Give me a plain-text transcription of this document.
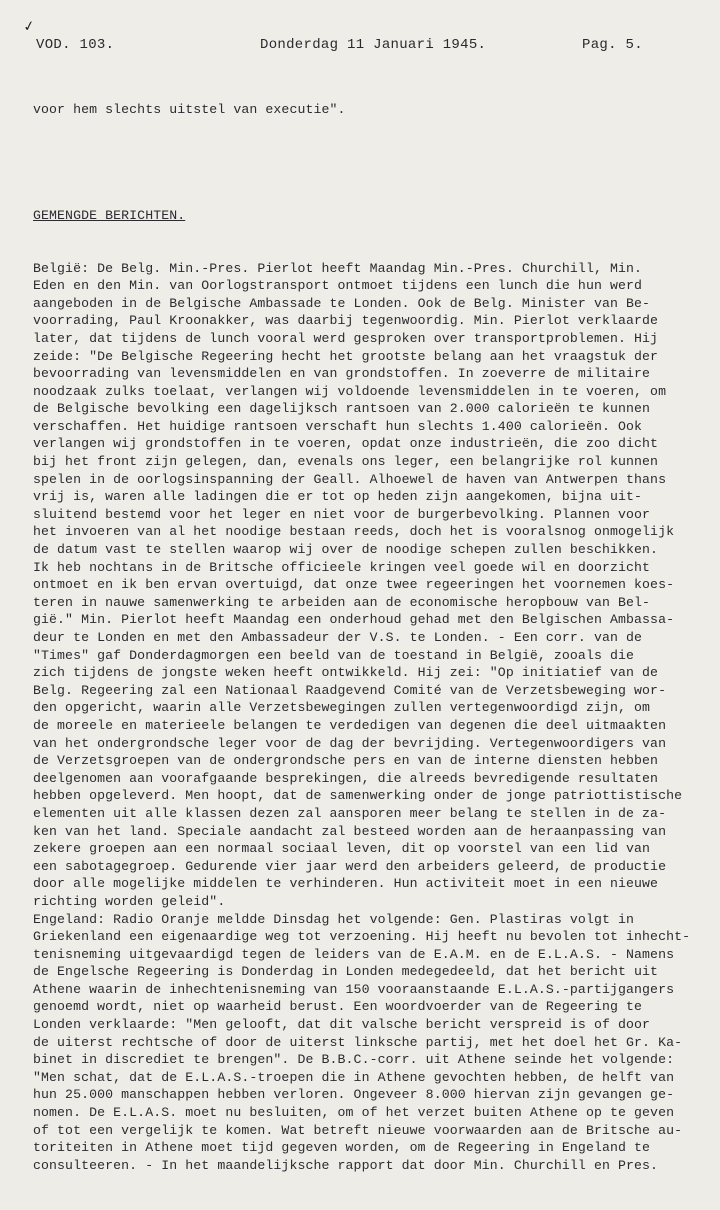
✓
VOD. 103.	Donderdag 11 Januari 1945.	Pag. 5.

voor hem slechts uitstel van executie".

GEMENGDE BERICHTEN.

België: De Belg. Min.-Pres. Pierlot heeft Maandag Min.-Pres. Churchill, Min.
Eden en den Min. van Oorlogstransport ontmoet tijdens een lunch die hun werd
aangeboden in de Belgische Ambassade te Londen. Ook de Belg. Minister van Be-
voorrading, Paul Kroonakker, was daarbij tegenwoordig. Min. Pierlot verklaarde
later, dat tijdens de lunch vooral werd gesproken over transportproblemen. Hij
zeide: "De Belgische Regeering hecht het grootste belang aan het vraagstuk der
bevoorrading van levensmiddelen en van grondstoffen. In zoeverre de militaire
noodzaak zulks toelaat, verlangen wij voldoende levensmiddelen in te voeren, om
de Belgische bevolking een dagelijksch rantsoen van 2.000 calorieën te kunnen
verschaffen. Het huidige rantsoen verschaft hun slechts 1.400 calorieën. Ook
verlangen wij grondstoffen in te voeren, opdat onze industrieën, die zoo dicht
bij het front zijn gelegen, dan, evenals ons leger, een belangrijke rol kunnen
spelen in de oorlogsinspanning der Geall. Alhoewel de haven van Antwerpen thans
vrij is, waren alle ladingen die er tot op heden zijn aangekomen, bijna uit-
sluitend bestemd voor het leger en niet voor de burgerbevolking. Plannen voor
het invoeren van al het noodige bestaan reeds, doch het is vooralsnog onmogelijk
de datum vast te stellen waarop wij over de noodige schepen zullen beschikken.
Ik heb nochtans in de Britsche officieele kringen veel goede wil en doorzicht
ontmoet en ik ben ervan overtuigd, dat onze twee regeeringen het voornemen koes-
teren in nauwe samenwerking te arbeiden aan de economische heropbouw van Bel-
gië." Min. Pierlot heeft Maandag een onderhoud gehad met den Belgischen Ambassa-
deur te Londen en met den Ambassadeur der V.S. te Londen. - Een corr. van de
"Times" gaf Donderdagmorgen een beeld van de toestand in België, zooals die
zich tijdens de jongste weken heeft ontwikkeld. Hij zei: "Op initiatief van de
Belg. Regeering zal een Nationaal Raadgevend Comité van de Verzetsbeweging wor-
den opgericht, waarin alle Verzetsbewegingen zullen vertegenwoordigd zijn, om
de moreele en materieele belangen te verdedigen van degenen die deel uitmaakten
van het ondergrondsche leger voor de dag der bevrijding. Vertegenwoordigers van
de Verzetsgroepen van de ondergrondsche pers en van de interne diensten hebben
deelgenomen aan voorafgaande besprekingen, die alreeds bevredigende resultaten
hebben opgeleverd. Men hoopt, dat de samenwerking onder de jonge patriottistische
elementen uit alle klassen dezen zal aansporen meer belang te stellen in de za-
ken van het land. Speciale aandacht zal besteed worden aan de heraanpassing van
zekere groepen aan een normaal sociaal leven, dit op voorstel van een lid van
een sabotagegroep. Gedurende vier jaar werd den arbeiders geleerd, de productie
door alle mogelijke middelen te verhinderen. Hun activiteit moet in een nieuwe
richting worden geleid".
Engeland: Radio Oranje meldde Dinsdag het volgende: Gen. Plastiras volgt in
Griekenland een eigenaardige weg tot verzoening. Hij heeft nu bevolen tot inhecht-
tenisneming uitgevaardigd tegen de leiders van de E.A.M. en de E.L.A.S. - Namens
de Engelsche Regeering is Donderdag in Londen medegedeeld, dat het bericht uit
Athene waarin de inhechtenisneming van 150 vooraanstaande E.L.A.S.-partijgangers
genoemd wordt, niet op waarheid berust. Een woordvoerder van de Regeering te
Londen verklaarde: "Men gelooft, dat dit valsche bericht verspreid is of door
de uiterst rechtsche of door de uiterst linksche partij, met het doel het Gr. Ka-
binet in discrediet te brengen". De B.B.C.-corr. uit Athene seinde het volgende:
"Men schat, dat de E.L.A.S.-troepen die in Athene gevochten hebben, de helft van
hun 25.000 manschappen hebben verloren. Ongeveer 8.000 hiervan zijn gevangen ge-
nomen. De E.L.A.S. moet nu besluiten, om of het verzet buiten Athene op te geven
of tot een vergelijk te komen. Wat betreft nieuwe voorwaarden aan de Britsche au-
toriteiten in Athene moet tijd gegeven worden, om de Regeering in Engeland te
consulteeren. - In het maandelijksche rapport dat door Min. Churchill en Pres.
